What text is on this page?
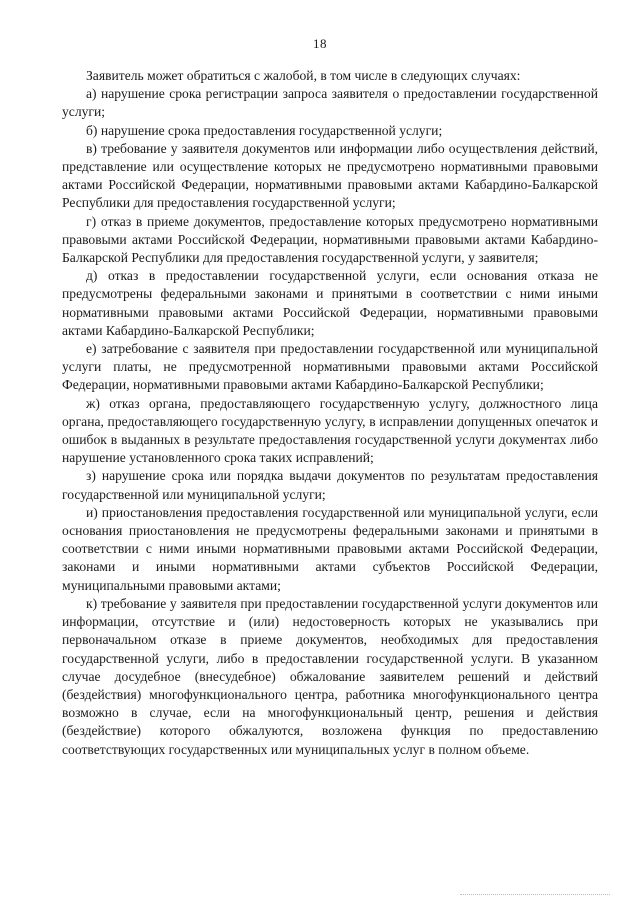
18

Заявитель может обратиться с жалобой, в том числе в следующих случаях:

а) нарушение срока регистрации запроса заявителя о предоставлении государственной услуги;

б) нарушение срока предоставления государственной услуги;

в) требование у заявителя документов или информации либо осуществления действий, представление или осуществление которых не предусмотрено нормативными правовыми актами Российской Федерации, нормативными правовыми актами Кабардино-Балкарской Республики для предоставления государственной услуги;

г) отказ в приеме документов, предоставление которых предусмотрено нормативными правовыми актами Российской Федерации, нормативными правовыми актами Кабардино-Балкарской Республики для предоставления государственной услуги, у заявителя;

д) отказ в предоставлении государственной услуги, если основания отказа не предусмотрены федеральными законами и принятыми в соответствии с ними иными нормативными правовыми актами Российской Федерации, нормативными правовыми актами Кабардино-Балкарской Республики;

е) затребование с заявителя при предоставлении государственной или муниципальной услуги платы, не предусмотренной нормативными правовыми актами Российской Федерации, нормативными правовыми актами Кабардино-Балкарской Республики;

ж) отказ органа, предоставляющего государственную услугу, должностного лица органа, предоставляющего государственную услугу, в исправлении допущенных опечаток и ошибок в выданных в результате предоставления государственной услуги документах либо нарушение установленного срока таких исправлений;

з) нарушение срока или порядка выдачи документов по результатам предоставления государственной или муниципальной услуги;

и) приостановления предоставления государственной или муниципальной услуги, если основания приостановления не предусмотрены федеральными законами и принятыми в соответствии с ними иными нормативными правовыми актами Российской Федерации, законами и иными нормативными актами субъектов Российской Федерации, муниципальными правовыми актами;

к) требование у заявителя при предоставлении государственной услуги документов или информации, отсутствие и (или) недостоверность которых не указывались при первоначальном отказе в приеме документов, необходимых для предоставления государственной услуги, либо в предоставлении государственной услуги. В указанном случае досудебное (внесудебное) обжалование заявителем решений и действий (бездействия) многофункционального центра, работника многофункционального центра возможно в случае, если на многофункциональный центр, решения и действия (бездействие) которого обжалуются, возложена функция по предоставлению соответствующих государственных или муниципальных услуг в полном объеме.
